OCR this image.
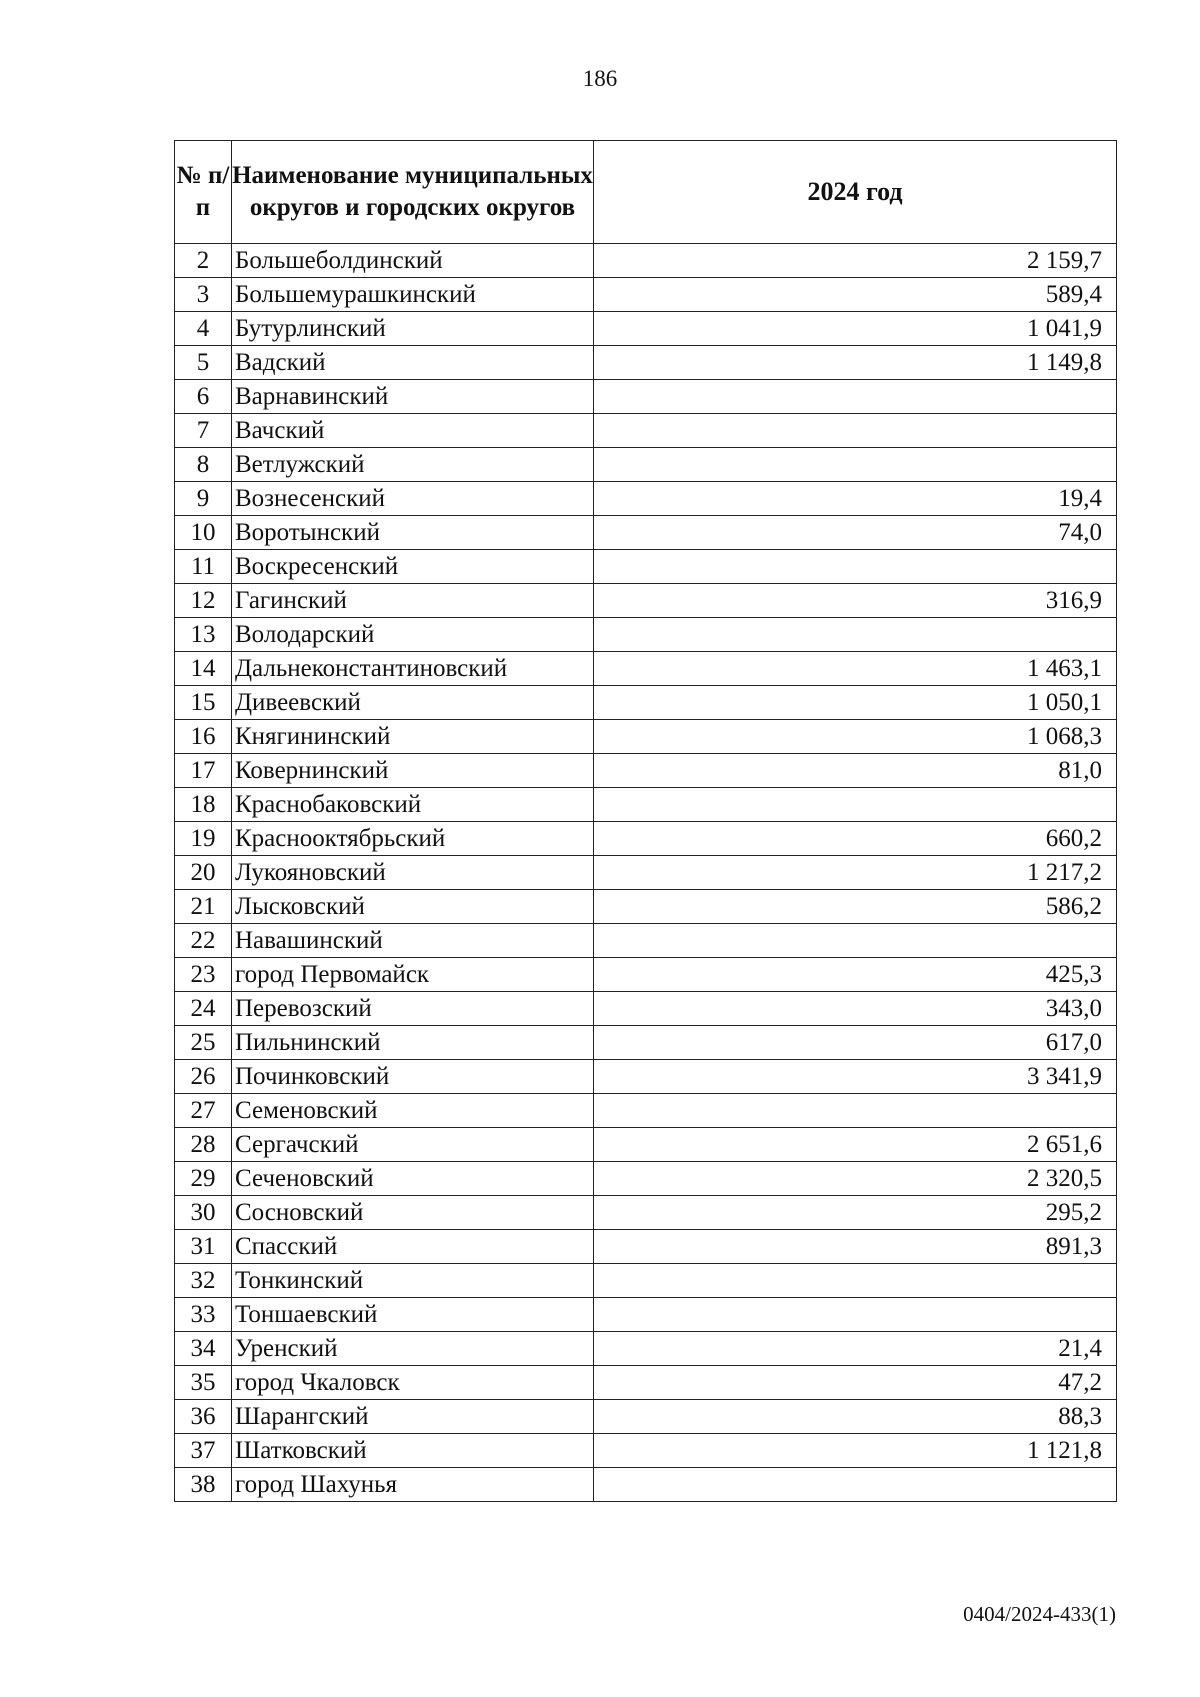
186
№ п/п	Наименование муниципальных округов и городских округов	2024 год
2	Большеболдинский	2 159,7
3	Большемурашкинский	589,4
4	Бутурлинский	1 041,9
5	Вадский	1 149,8
6	Варнавинский	
7	Вачский	
8	Ветлужский	
9	Вознесенский	19,4
10	Воротынский	74,0
11	Воскресенский	
12	Гагинский	316,9
13	Володарский	
14	Дальнеконстантиновский	1 463,1
15	Дивеевский	1 050,1
16	Княгининский	1 068,3
17	Ковернинский	81,0
18	Краснобаковский	
19	Краснооктябрьский	660,2
20	Лукояновский	1 217,2
21	Лысковский	586,2
22	Навашинский	
23	город Первомайск	425,3
24	Перевозский	343,0
25	Пильнинский	617,0
26	Починковский	3 341,9
27	Семеновский	
28	Сергачский	2 651,6
29	Сеченовский	2 320,5
30	Сосновский	295,2
31	Спасский	891,3
32	Тонкинский	
33	Тоншаевский	
34	Уренский	21,4
35	город Чкаловск	47,2
36	Шарангский	88,3
37	Шатковский	1 121,8
38	город Шахунья	
0404/2024-433(1)
